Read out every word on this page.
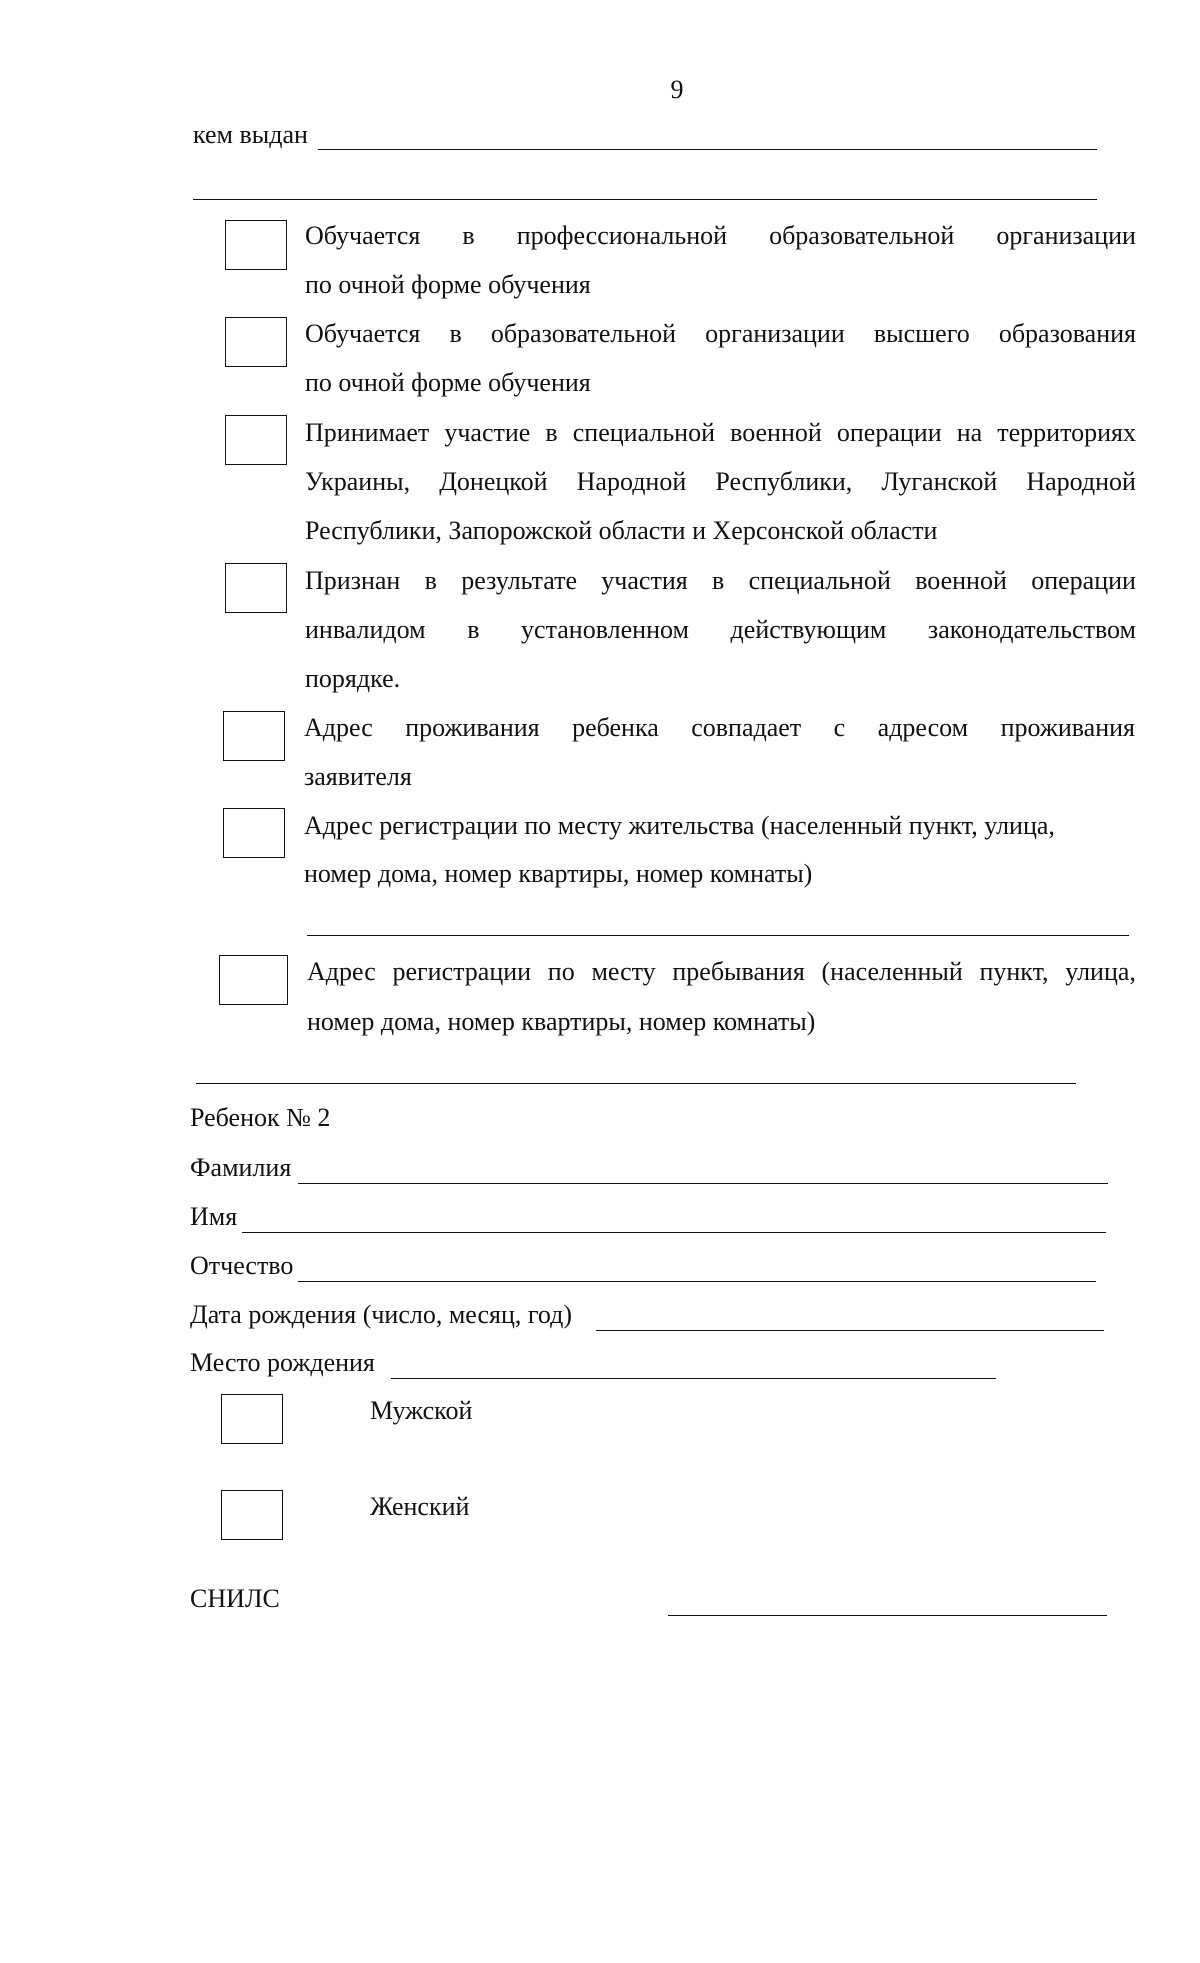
9
кем выдан
Обучается в профессиональной образовательной организации
по очной форме обучения
Обучается в образовательной организации высшего образования
по очной форме обучения
Принимает участие в специальной военной операции на территориях
Украины, Донецкой Народной Республики, Луганской Народной
Республики, Запорожской области и Херсонской области
Признан в результате участия в специальной военной операции
инвалидом в установленном действующим законодательством
порядке.
Адрес проживания ребенка совпадает с адресом проживания
заявителя
Адрес регистрации по месту жительства (населенный пункт, улица,
номер дома, номер квартиры, номер комнаты)
Адрес регистрации по месту пребывания (населенный пункт, улица,
номер дома, номер квартиры, номер комнаты)
Ребенок № 2
Фамилия
Имя
Отчество
Дата рождения (число, месяц, год)
Место рождения
Мужской
Женский
СНИЛС
